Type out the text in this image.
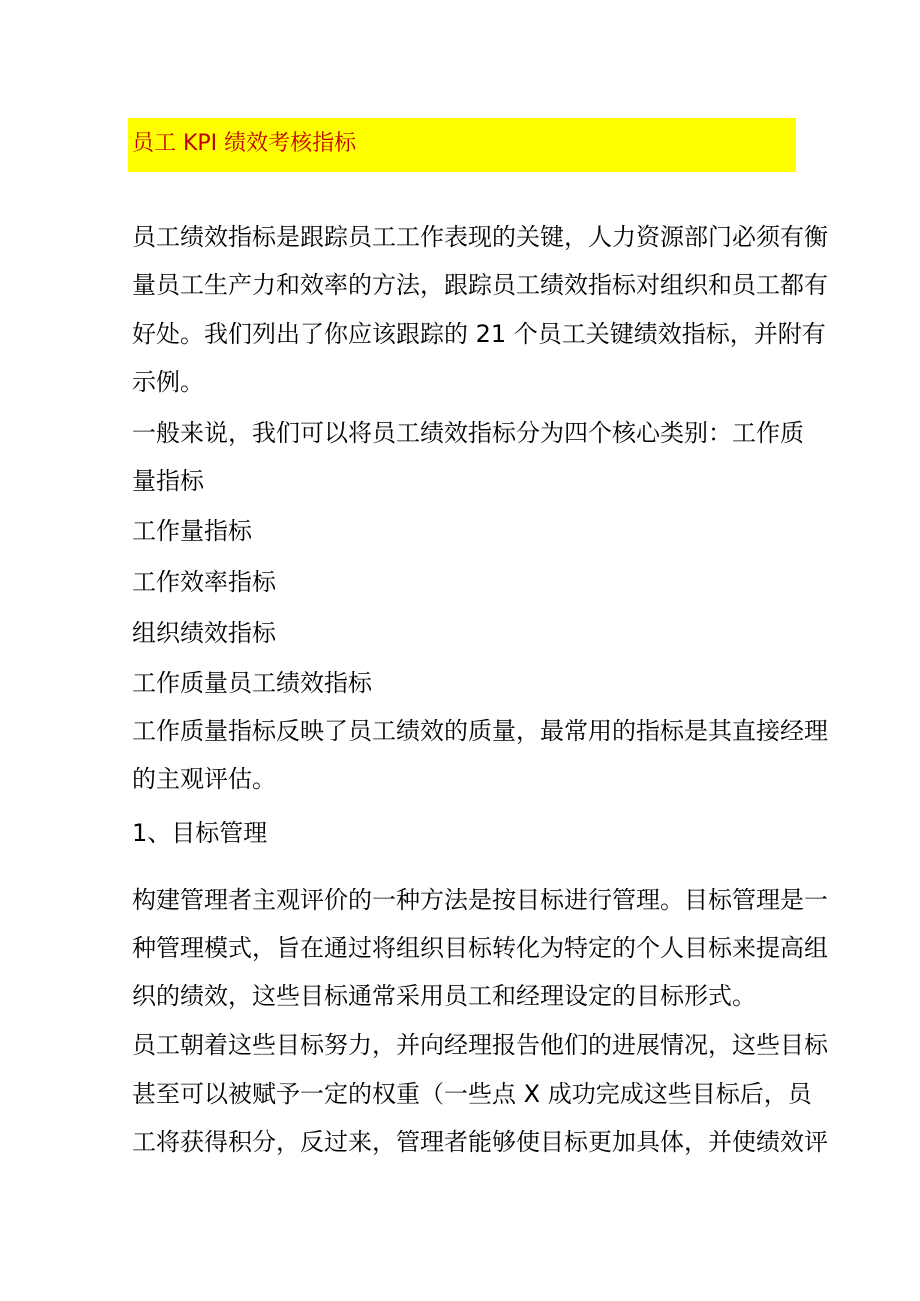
员工 KPI 绩效考核指标
员工绩效指标是跟踪员工工作表现的关键，人力资源部门必须有衡
量员工生产力和效率的方法，跟踪员工绩效指标对组织和员工都有
好处。我们列出了你应该跟踪的 21 个员工关键绩效指标，并附有
示例。
一般来说，我们可以将员工绩效指标分为四个核心类别：工作质
量指标
工作量指标
工作效率指标
组织绩效指标
工作质量员工绩效指标
工作质量指标反映了员工绩效的质量，最常用的指标是其直接经理
的主观评估。
1、目标管理
构建管理者主观评价的一种方法是按目标进行管理。目标管理是一
种管理模式，旨在通过将组织目标转化为特定的个人目标来提高组
织的绩效，这些目标通常采用员工和经理设定的目标形式。
员工朝着这些目标努力，并向经理报告他们的进展情况，这些目标
甚至可以被赋予一定的权重（一些点 X 成功完成这些目标后，员
工将获得积分，反过来，管理者能够使目标更加具体，并使绩效评
